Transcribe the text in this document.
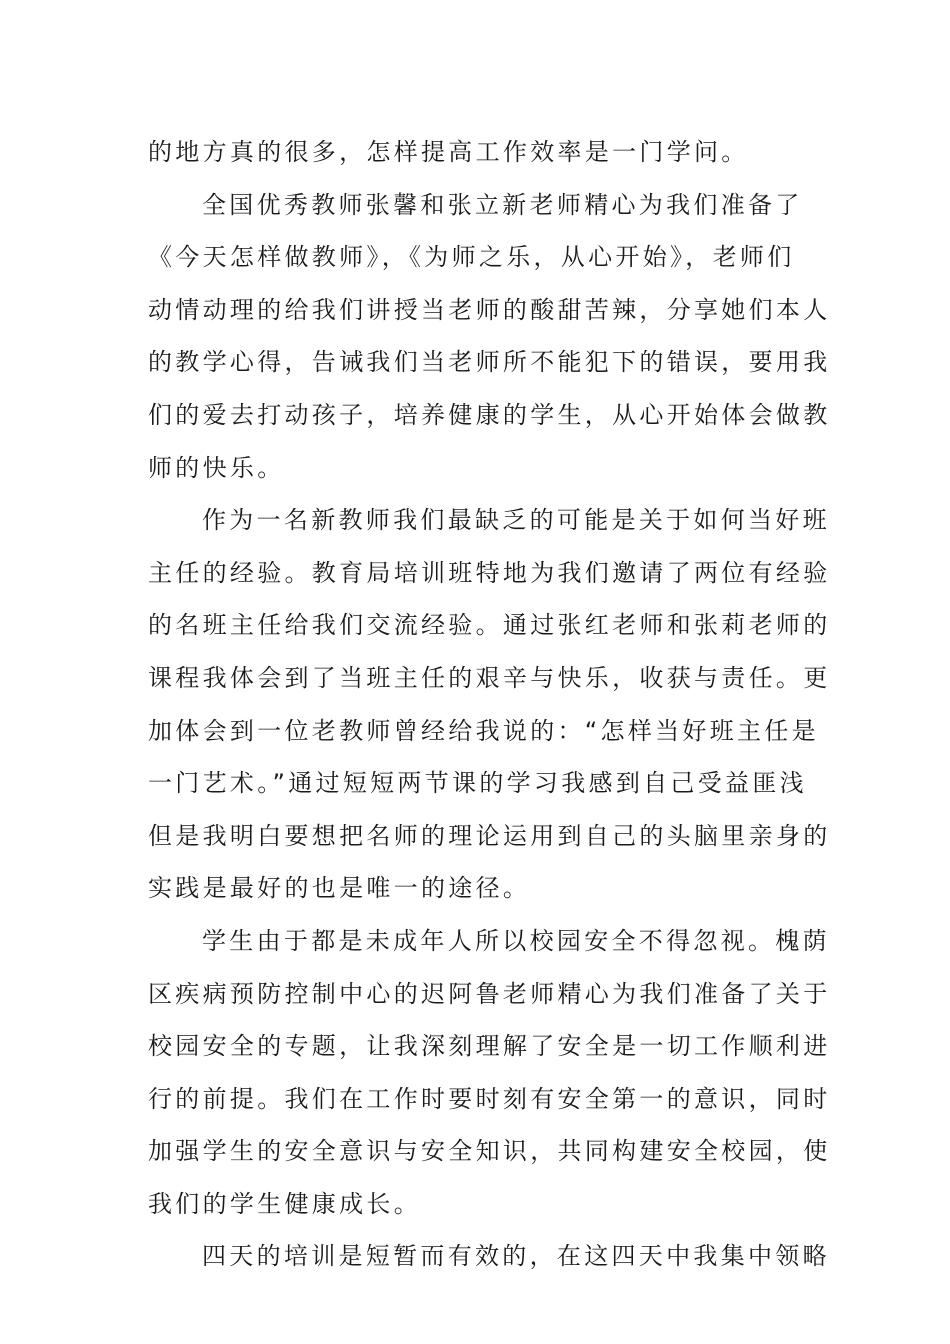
的地方真的很多，怎样提高工作效率是一门学问。
全国优秀教师张馨和张立新老师精心为我们准备了
《今天怎样做教师》，《为师之乐，从心开始》，老师们
动情动理的给我们讲授当老师的酸甜苦辣，分享她们本人
的教学心得，告诫我们当老师所不能犯下的错误，要用我
们的爱去打动孩子，培养健康的学生，从心开始体会做教
师的快乐。
作为一名新教师我们最缺乏的可能是关于如何当好班
主任的经验。教育局培训班特地为我们邀请了两位有经验
的名班主任给我们交流经验。通过张红老师和张莉老师的
课程我体会到了当班主任的艰辛与快乐，收获与责任。更
加体会到一位老教师曾经给我说的：“怎样当好班主任是
一门艺术。”通过短短两节课的学习我感到自己受益匪浅
但是我明白要想把名师的理论运用到自己的头脑里亲身的
实践是最好的也是唯一的途径。
学生由于都是未成年人所以校园安全不得忽视。槐荫
区疾病预防控制中心的迟阿鲁老师精心为我们准备了关于
校园安全的专题，让我深刻理解了安全是一切工作顺利进
行的前提。我们在工作时要时刻有安全第一的意识，同时
加强学生的安全意识与安全知识，共同构建安全校园，使
我们的学生健康成长。
四天的培训是短暂而有效的，在这四天中我集中领略
